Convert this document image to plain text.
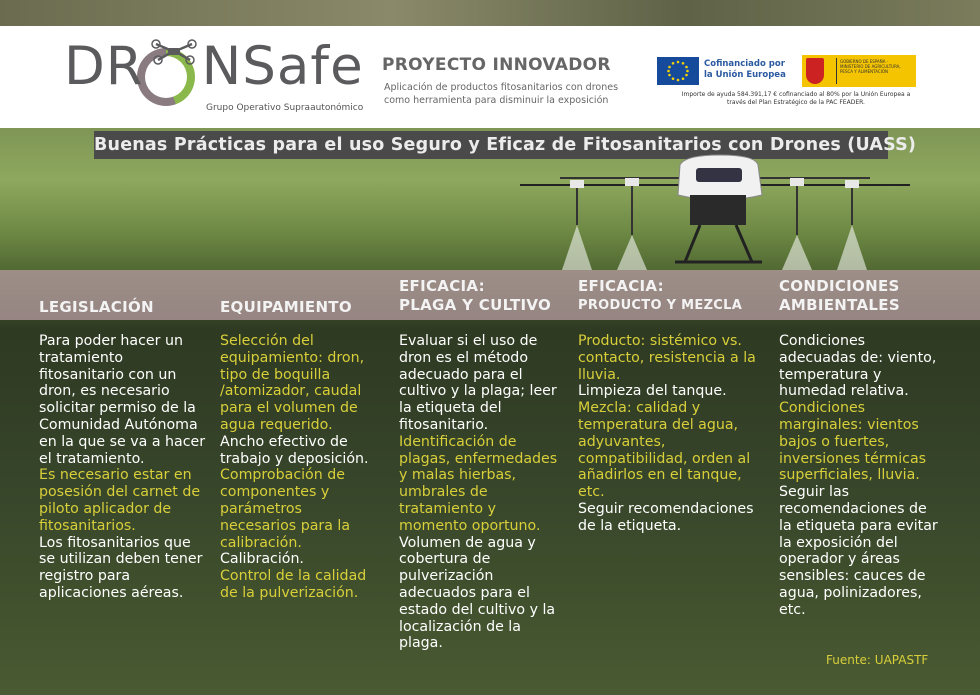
DR NSafe
Grupo Operativo Supraautonómico
PROYECTO INNOVADOR
Aplicación de productos fitosanitarios con drones como herramienta para disminuir la exposición
Cofinanciado por la Unión Europea
GOBIERNO DE ESPAÑA · MINISTERIO DE AGRICULTURA, PESCA Y ALIMENTACIÓN
Importe de ayuda 584.391,17 € cofinanciado al 80% por la Unión Europea a través del Plan Estratégico de la PAC FEADER.
Buenas Prácticas para el uso Seguro y Eficaz de Fitosanitarios con Drones (UASS)
LEGISLACIÓN	EQUIPAMIENTO
EFICACIA:
PLAGA Y CULTIVO
EFICACIA:
PRODUCTO Y MEZCLA
CONDICIONES
AMBIENTALES
Para poder hacer un tratamiento fitosanitario con un dron, es necesario solicitar permiso de la Comunidad Autónoma en la que se va a hacer el tratamiento.
Es necesario estar en posesión del carnet de piloto aplicador de fitosanitarios.
Los fitosanitarios que se utilizan deben tener registro para aplicaciones aéreas.
Selección del equipamiento: dron, tipo de boquilla /atomizador, caudal para el volumen de agua requerido.
Ancho efectivo de trabajo y deposición.
Comprobación de componentes y parámetros necesarios para la calibración.
Calibración.
Control de la calidad de la pulverización.
Evaluar si el uso de dron es el método adecuado para el cultivo y la plaga; leer la etiqueta del fitosanitario.
Identificación de plagas, enfermedades y malas hierbas, umbrales de tratamiento y momento oportuno.
Volumen de agua y cobertura de pulverización adecuados para el estado del cultivo y la localización de la plaga.
Producto: sistémico vs. contacto, resistencia a la lluvia.
Limpieza del tanque.
Mezcla: calidad y temperatura del agua, adyuvantes, compatibilidad, orden al añadirlos en el tanque, etc.
Seguir recomendaciones de la etiqueta.
Condiciones adecuadas de: viento, temperatura y humedad relativa.
Condiciones marginales: vientos bajos o fuertes, inversiones térmicas superficiales, lluvia.
Seguir las recomendaciones de la etiqueta para evitar la exposición del operador y áreas sensibles: cauces de agua, polinizadores, etc.
Fuente: UAPASTF
